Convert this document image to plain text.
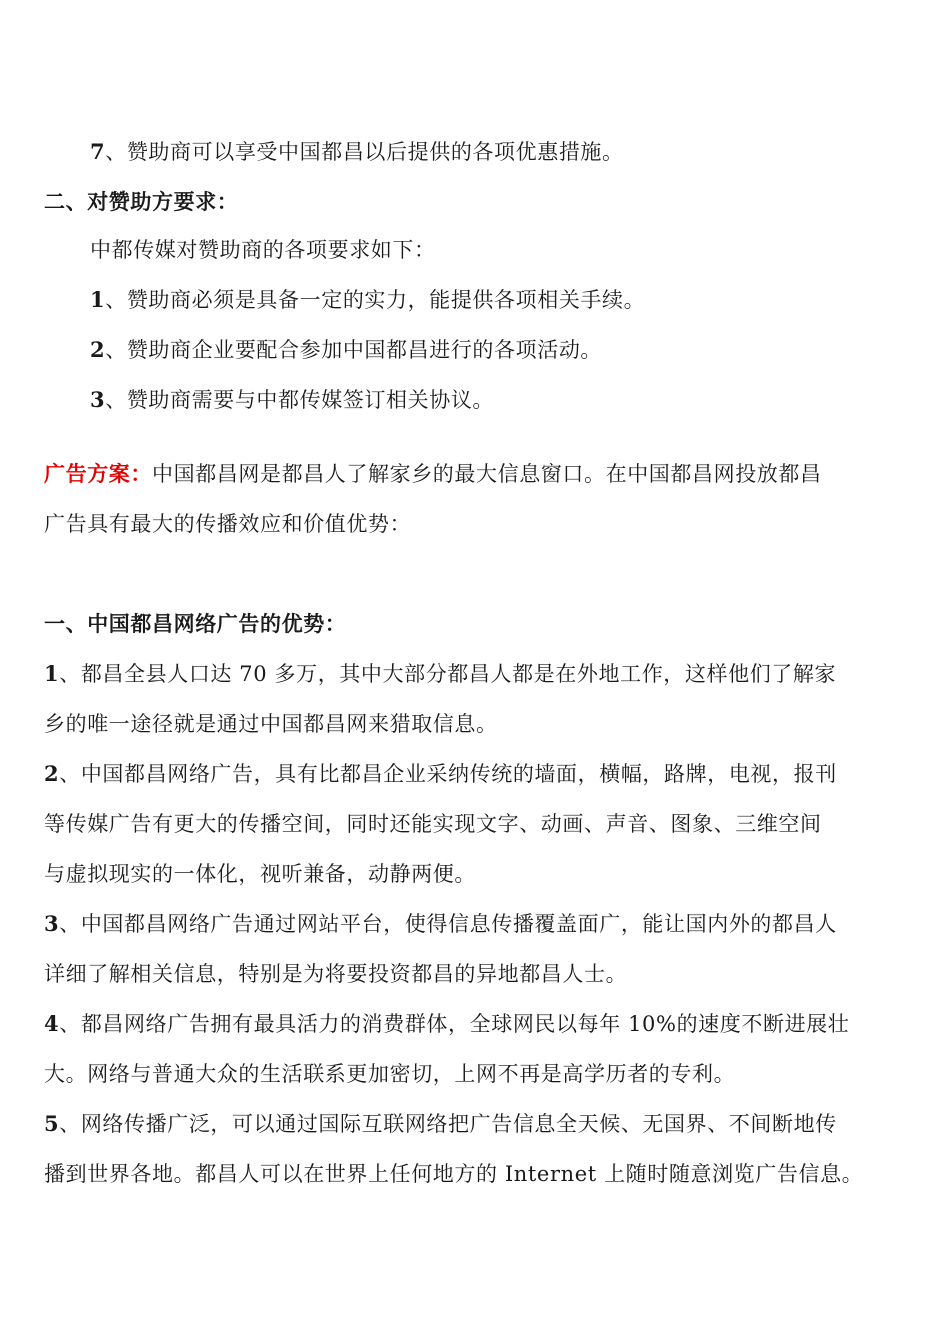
7、赞助商可以享受中国都昌以后提供的各项优惠措施。
二、对赞助方要求：
中都传媒对赞助商的各项要求如下：
1、赞助商必须是具备一定的实力，能提供各项相关手续。
2、赞助商企业要配合参加中国都昌进行的各项活动。
3、赞助商需要与中都传媒签订相关协议。
广告方案：中国都昌网是都昌人了解家乡的最大信息窗口。在中国都昌网投放都昌
广告具有最大的传播效应和价值优势：
一、中国都昌网络广告的优势：
1、都昌全县人口达 70 多万，其中大部分都昌人都是在外地工作，这样他们了解家
乡的唯一途径就是通过中国都昌网来猎取信息。
2、中国都昌网络广告，具有比都昌企业采纳传统的墙面，横幅，路牌，电视，报刊
等传媒广告有更大的传播空间，同时还能实现文字、动画、声音、图象、三维空间
与虚拟现实的一体化，视听兼备，动静两便。
3、中国都昌网络广告通过网站平台，使得信息传播覆盖面广，能让国内外的都昌人
详细了解相关信息，特别是为将要投资都昌的异地都昌人士。
4、都昌网络广告拥有最具活力的消费群体，全球网民以每年 10%的速度不断进展壮
大。网络与普通大众的生活联系更加密切，上网不再是高学历者的专利。
5、网络传播广泛，可以通过国际互联网络把广告信息全天候、无国界、不间断地传
播到世界各地。都昌人可以在世界上任何地方的 Internet 上随时随意浏览广告信息。
